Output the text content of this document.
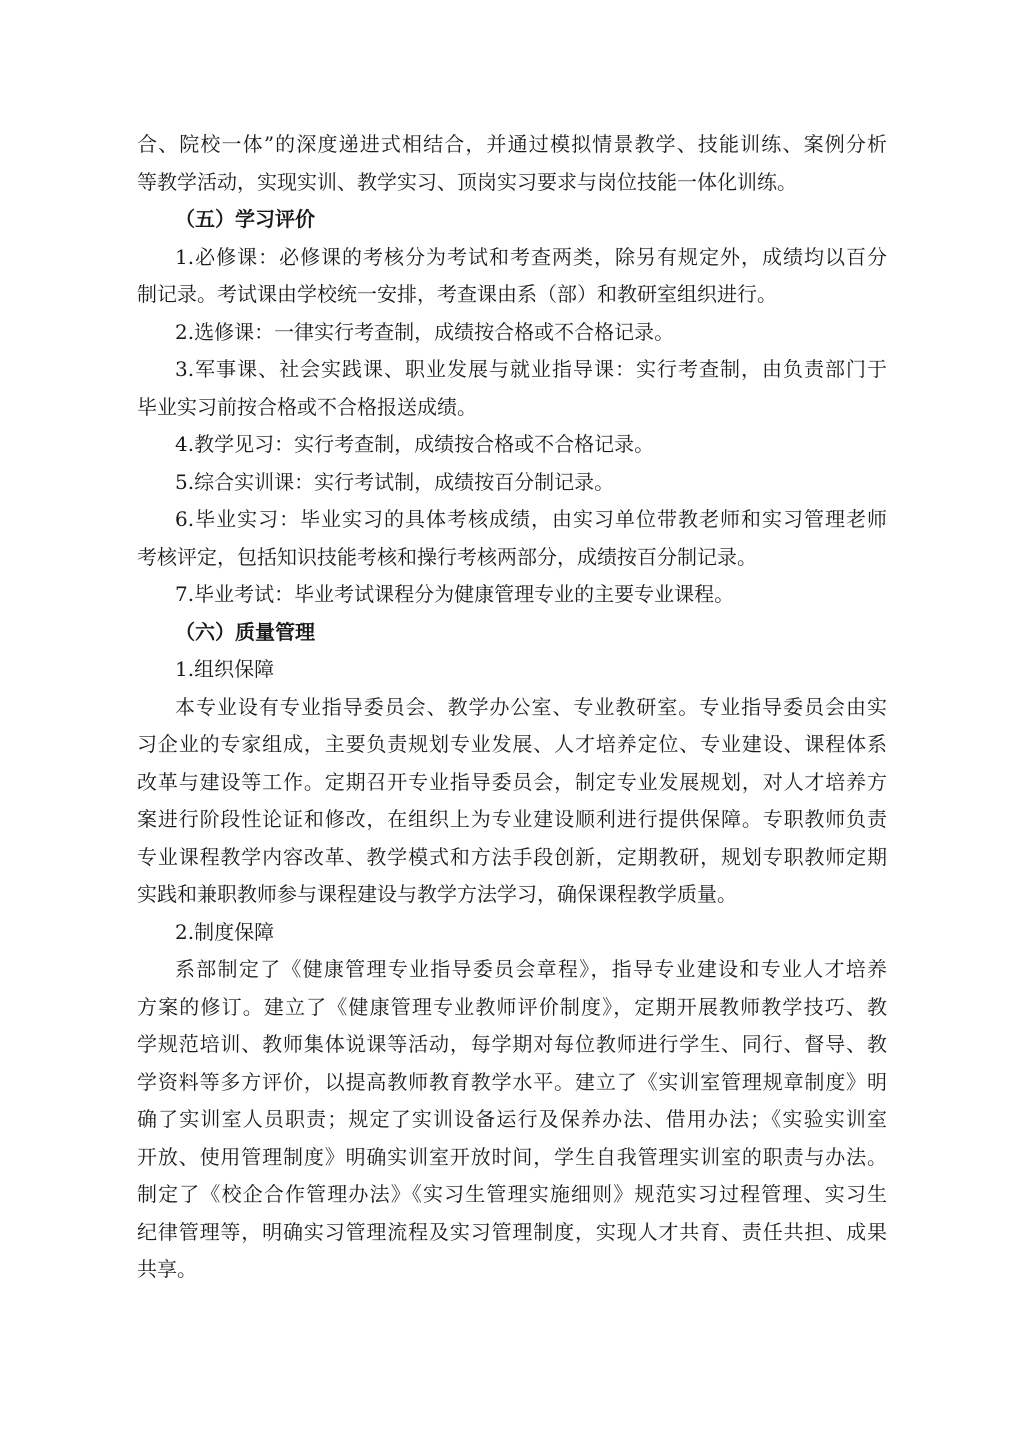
合、院校一体”的深度递进式相结合，并通过模拟情景教学、技能训练、案例分析
等教学活动，实现实训、教学实习、顶岗实习要求与岗位技能一体化训练。
（五）学习评价
1.必修课：必修课的考核分为考试和考查两类，除另有规定外，成绩均以百分
制记录。考试课由学校统一安排，考查课由系（部）和教研室组织进行。
2.选修课：一律实行考查制，成绩按合格或不合格记录。
3.军事课、社会实践课、职业发展与就业指导课：实行考查制，由负责部门于
毕业实习前按合格或不合格报送成绩。
4.教学见习：实行考查制，成绩按合格或不合格记录。
5.综合实训课：实行考试制，成绩按百分制记录。
6.毕业实习：毕业实习的具体考核成绩，由实习单位带教老师和实习管理老师
考核评定，包括知识技能考核和操行考核两部分，成绩按百分制记录。
7.毕业考试：毕业考试课程分为健康管理专业的主要专业课程。
（六）质量管理
1.组织保障
本专业设有专业指导委员会、教学办公室、专业教研室。专业指导委员会由实
习企业的专家组成，主要负责规划专业发展、人才培养定位、专业建设、课程体系
改革与建设等工作。定期召开专业指导委员会，制定专业发展规划，对人才培养方
案进行阶段性论证和修改，在组织上为专业建设顺利进行提供保障。专职教师负责
专业课程教学内容改革、教学模式和方法手段创新，定期教研，规划专职教师定期
实践和兼职教师参与课程建设与教学方法学习，确保课程教学质量。
2.制度保障
系部制定了《健康管理专业指导委员会章程》，指导专业建设和专业人才培养
方案的修订。建立了《健康管理专业教师评价制度》，定期开展教师教学技巧、教
学规范培训、教师集体说课等活动，每学期对每位教师进行学生、同行、督导、教
学资料等多方评价，以提高教师教育教学水平。建立了《实训室管理规章制度》明
确了实训室人员职责；规定了实训设备运行及保养办法、借用办法；《实验实训室
开放、使用管理制度》明确实训室开放时间，学生自我管理实训室的职责与办法。
制定了《校企合作管理办法》《实习生管理实施细则》规范实习过程管理、实习生
纪律管理等，明确实习管理流程及实习管理制度，实现人才共育、责任共担、成果
共享。
